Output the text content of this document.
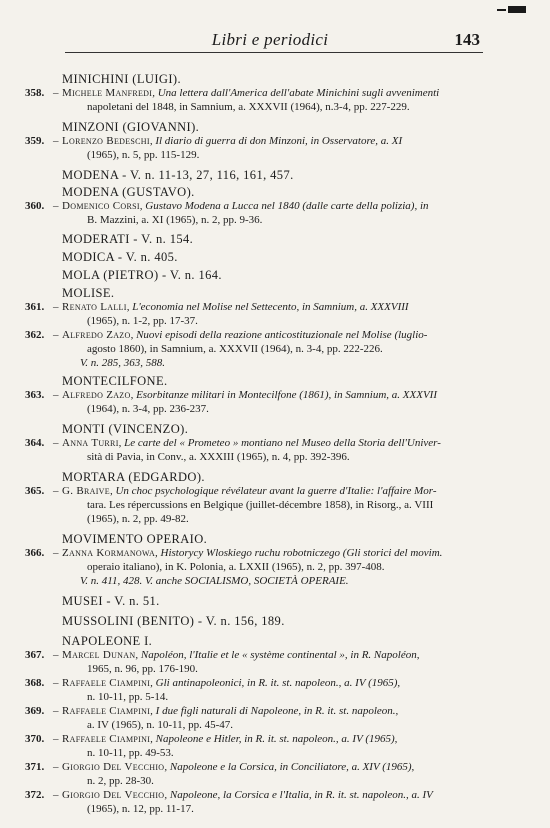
Libri e periodici	143
MINICHINI (LUIGI).
358. – Michele Manfredi, Una lettera dall'America dell'abate Minichini sugli avvenimenti
napoletani del 1848, in Samnium, a. XXXVII (1964), n.3-4, pp. 227-229.
MINZONI (GIOVANNI).
359. – Lorenzo Bedeschi, Il diario di guerra di don Minzoni, in Osservatore, a. XI
(1965), n. 5, pp. 115-129.
MODENA - V. n. 11-13, 27, 116, 161, 457.
MODENA (GUSTAVO).
360. – Domenico Corsi, Gustavo Modena a Lucca nel 1840 (dalle carte della polizia), in
B. Mazzini, a. XI (1965), n. 2, pp. 9-36.
MODERATI - V. n. 154.
MODICA - V. n. 405.
MOLA (PIETRO) - V. n. 164.
MOLISE.
361. – Renato Lalli, L'economia nel Molise nel Settecento, in Samnium, a. XXXVIII
(1965), n. 1-2, pp. 17-37.
362. – Alfredo Zazo, Nuovi episodi della reazione anticostituzionale nel Molise (luglio-
agosto 1860), in Samnium, a. XXXVII (1964), n. 3-4, pp. 222-226.
V. n. 285, 363, 588.
MONTECILFONE.
363. – Alfredo Zazo, Esorbitanze militari in Montecilfone (1861), in Samnium, a. XXXVII
(1964), n. 3-4, pp. 236-237.
MONTI (VINCENZO).
364. – Anna Turri, Le carte del « Prometeo » montiano nel Museo della Storia dell'Univer-
sità di Pavia, in Conv., a. XXXIII (1965), n. 4, pp. 392-396.
MORTARA (EDGARDO).
365. – G. Braive, Un choc psychologique révélateur avant la guerre d'Italie: l'affaire Mor-
tara. Les répercussions en Belgique (juillet-décembre 1858), in Risorg., a. VIII
(1965), n. 2, pp. 49-82.
MOVIMENTO OPERAIO.
366. – Zanna Kormanowa, Historycy Wloskiego ruchu robotniczego (Gli storici del movim.
operaio italiano), in K. Polonia, a. LXXII (1965), n. 2, pp. 397-408.
V. n. 411, 428. V. anche SOCIALISMO, SOCIETÀ OPERAIE.
MUSEI - V. n. 51.
MUSSOLINI (BENITO) - V. n. 156, 189.
NAPOLEONE I.
367. – Marcel Dunan, Napoléon, l'Italie et le « système continental », in R. Napoléon,
1965, n. 96, pp. 176-190.
368. – Raffaele Ciampini, Gli antinapoleonici, in R. it. st. napoleon., a. IV (1965),
n. 10-11, pp. 5-14.
369. – Raffaele Ciampini, I due figli naturali di Napoleone, in R. it. st. napoleon.,
a. IV (1965), n. 10-11, pp. 45-47.
370. – Raffaele Ciampini, Napoleone e Hitler, in R. it. st. napoleon., a. IV (1965),
n. 10-11, pp. 49-53.
371. – Giorgio Del Vecchio, Napoleone e la Corsica, in Conciliatore, a. XIV (1965),
n. 2, pp. 28-30.
372. – Giorgio Del Vecchio, Napoleone, la Corsica e l'Italia, in R. it. st. napoleon., a. IV
(1965), n. 12, pp. 11-17.
